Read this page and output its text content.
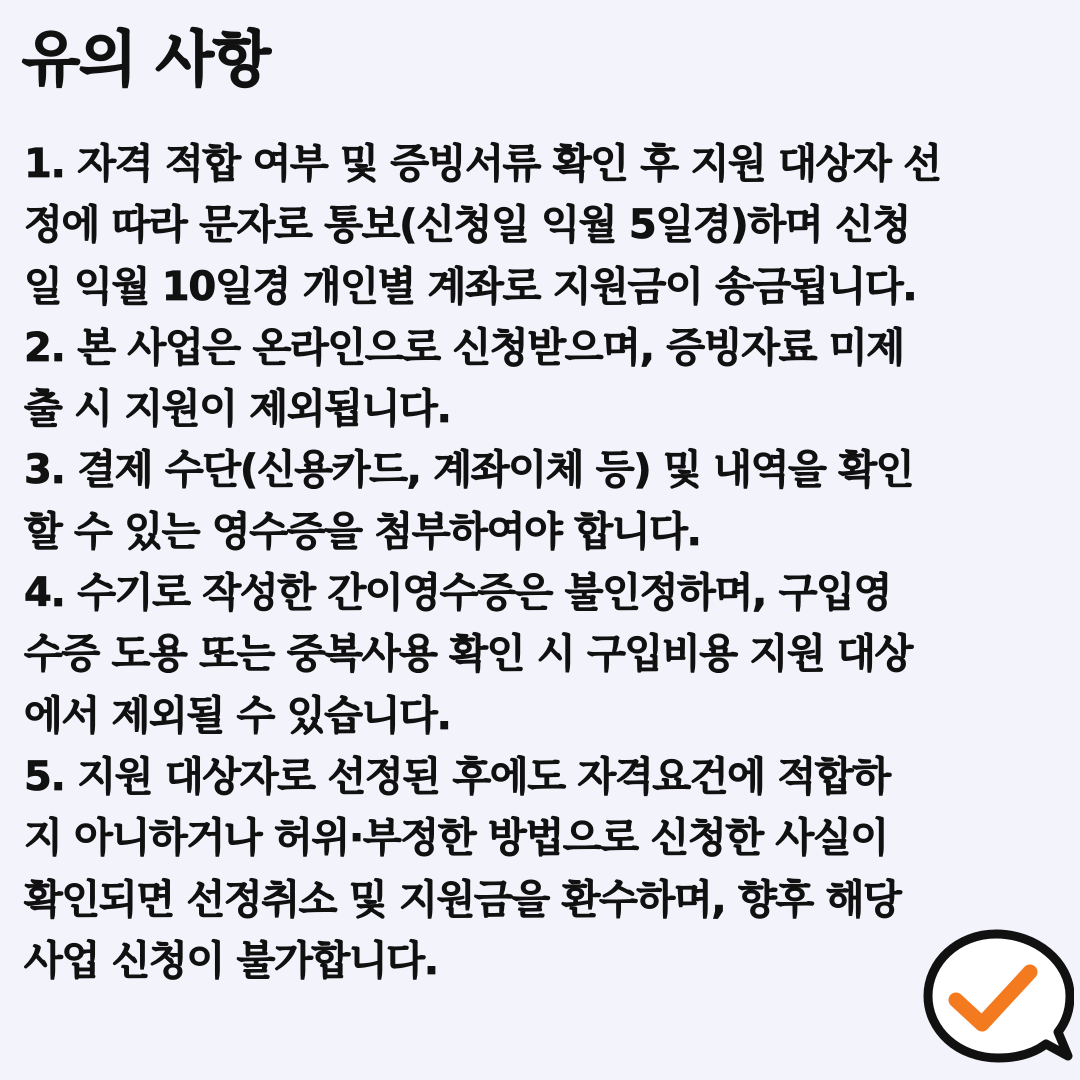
유의 사항
1. 자격 적합 여부 및 증빙서류 확인 후 지원 대상자 선
정에 따라 문자로 통보(신청일 익월 5일경)하며 신청
일 익월 10일경 개인별 계좌로 지원금이 송금됩니다.
2. 본 사업은 온라인으로 신청받으며, 증빙자료 미제
출 시 지원이 제외됩니다.
3. 결제 수단(신용카드, 계좌이체 등) 및 내역을 확인
할 수 있는 영수증을 첨부하여야 합니다.
4. 수기로 작성한 간이영수증은 불인정하며, 구입영
수증 도용 또는 중복사용 확인 시 구입비용 지원 대상
에서 제외될 수 있습니다.
5. 지원 대상자로 선정된 후에도 자격요건에 적합하
지 아니하거나 허위·부정한 방법으로 신청한 사실이
확인되면 선정취소 및 지원금을 환수하며, 향후 해당
사업 신청이 불가합니다.
